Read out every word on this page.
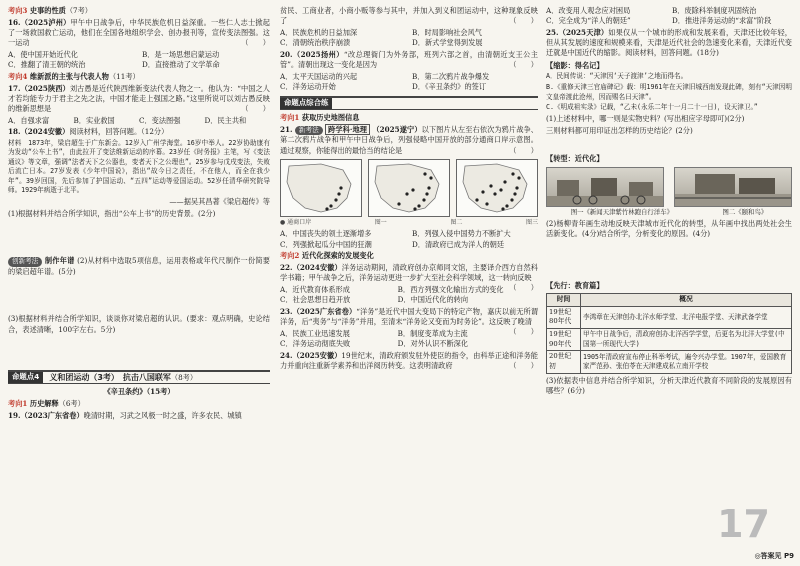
考向3 史事的性质（7考）

16.（2025泸州）甲午中日战争后，中华民族危机日益深重。一些仁人志士掀起了一场救国救亡运动，他们在全国各地组织学会、创办报刊等，宣传变法图强。这一运动	（　　）

A．使中国开始近代化	B．是一场思想启蒙运动
C．推翻了清王朝的统治	D．直接推动了文学革命
考向4 维新派的主张与代表人物（11考）

17.（2025陕西）刘古愚是近代陕西维新变法代表人物之一。他认为：“中国之人才若均能专力于君主之先之法，中国才能走上强国之路。”这里所说可以刘古愚反映的维新思想是	（　　）

A．自强求富	B．实业救国	C．变法图强	D．民主共和

18.（2024安徽）阅读材料，回答问题。（12分）

材料　1873年，梁启超生于广东新会。12岁入广州学海堂。16岁中举人。22岁协助康有为发动“公车上书”，由此拉开了变法维新运动的序幕。23岁任《时务报》主笔，写《变法通议》等文章，强调“法者天下之公器也，变者天下之公理也”。25岁参与戊戌变法，失败后流亡日本。27岁发表《少年中国说》，指出“故今日之责任，不在他人，而全在我少年”。39岁回国，先后参加了护国运动、“五四”运动等爱国运动。52岁任清华研究院导师。1929年病逝于北平。

——据吴其昌著《梁启超传》等

(1)根据材料并结合所学知识，指出“公车上书”的历史背景。(2分)

创新考法 制作年谱 (2)从材料中选取5项信息，运用表格或年代尺制作一份简要的梁启超年谱。(5分)

(3)根据材料并结合所学知识，谈谈你对梁启超的认识。(要求：观点明确，史论结合，表述清晰，100字左右。5分)

命题点4	义和团运动（3考）　抗击八国联军 （8考）
《辛丑条约》（15考）
考向1 历史解释（6考）

19.（2023广东省卷）晚清时期，习武之风极一时之盛，许多农民、城镇

贫民、工商业者，小商小贩等参与其中，并加入到义和团运动中，这种现象反映了	（　　）

A．民族危机的日益加深	B．时局影响社会风气
C．清朝统治秩序崩溃	D．新式学堂得到发展

20.（2025扬州）“改总理衙门为外务部，班列六部之首，由清朝近支王公主管”。清朝出现这一变化是因为	（　　）

A．太平天国运动的兴起	B．第二次鸦片战争爆发
C．洋务运动开始	D．《辛丑条约》的签订
命题点综合练
考向1 获取历史地图信息

21. 新考法 跨学科·地理 （2025遂宁）以下图片从左至右依次为鸦片战争、第二次鸦片战争和甲午中日战争后，列强侵略中国开放的部分通商口岸示意图。通过观察，你能得出的最恰当的结论是	（　　）

● 通商口岸	图一	图二	图三
A．中国丧失的领土逐渐增多	B．列强入侵中国势力不断扩大
C．列强掀起瓜分中国的狂潮	D．清政府已成为洋人的朝廷
考向2 近代化探索的发展变化

22.（2024安徽）洋务运动期间，清政府创办京师同文馆，主要译介西方自然科学书籍；甲午战争之后，洋务运动更进一步扩大至社会科学领域，这一转向反映
（　　）

A．近代教育体系形成	B．西方列强文化输出方式的变化
C．社会思想日趋开放	D．中国近代化的转向

23.（2025广东省卷）“洋务”是近代中国大变局下的特定产物，嘉庆以前无所谓洋务，后“夷务”与“洋务”并用，至清末“洋务论又变而为时务论”。这反映了晚清
（　　）

A．民族工业迅速发展	B．制度变革成为主流
C．洋务运动彻底失败	D．对外认识不断深化

24.（2025安徽）19世纪末，清政府颁发驻外使臣的指令，由科举正途和洋务能力并重向注重新学素养和出洋阅历转变。这表明清政府	（　　）

A．改变用人观念应对困局	B．废除科举制度巩固统治
C．完全成为“洋人的朝廷”	D．推进洋务运动的“求富”阶段

25.（2025天津）如果仅从一个城市的形成和发展来看，天津还比较年轻，但从其发展的速度和规模来看，天津是近代社会的急速变化来看，天津近代变迁就是中国近代的缩影。阅读材料，回答问题。(18分)

【缩影：得名记】

A．民间传说：“天津因‘天子渡津’之地而得名。

B.《重修天津三官庙碑记》载：明1961年在天津旧城西南发现此碑，刻有“天津因明文皇帝渡此沧州，因而赐名曰天津”。

C.《明成祖实录》记载，“乙未(永乐二年十一月二十一日)，设天津卫。”

(1)上述材料中，哪一则是实物史料？(写出相应字母即可)(2分)

三则材料都可用印证出怎样的历史结论？(2分)

【转型：近代化】

图一《新闻天津紫竹林跑自行洋车》	图二《颐和鸟》

(2)杨柳青年画生动地反映天津城市近代化的转型，从年画中找出两处社会生活新变化。(4分)结合所学，分析变化的原因。(4分)

【先行：教育篇】

时间	概况
19世纪80年代	李鸿章在天津创办北洋水师学堂、北洋电报学堂、天津武备学堂
19世纪90年代	甲午中日战争后，清政府创办北洋西学学堂，后更名为北洋大学堂(中国第一所现代大学)
20世纪初	1905年清政府宣布停止科举考试，遍令兴办学堂。1907年，爱国教育家严范孙、张伯苓在天津建成私立南开学校

(3)依据表中信息并结合所学知识，分析天津近代教育不同阶段的发展原因有哪些？(6分)

17
◎答案见 P9
